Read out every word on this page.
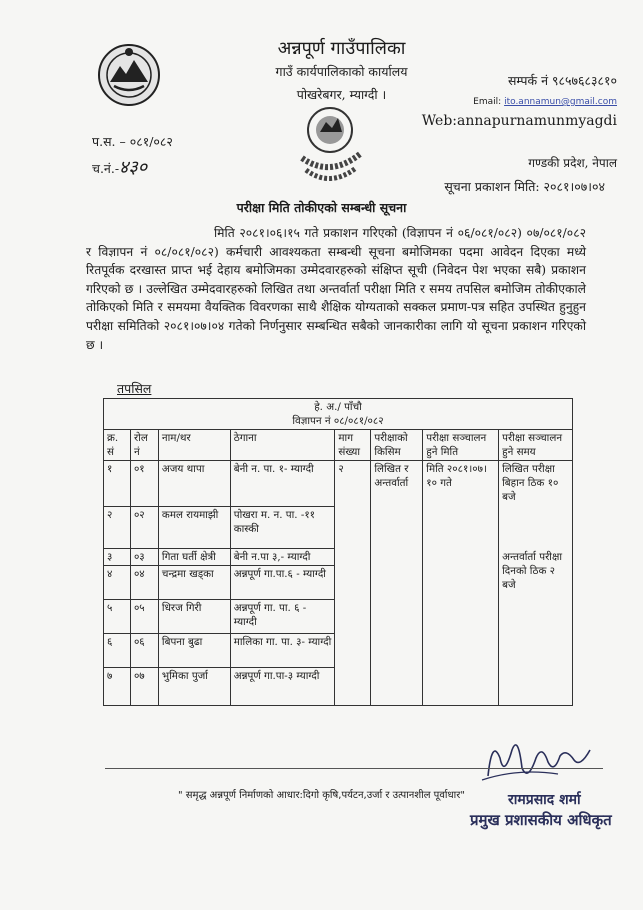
अन्नपूर्ण गाउँपालिका
गाउँ कार्यपालिकाको कार्यालय
पोखरेबगर, म्याग्दी ।
सम्पर्क नं ९८५७६८३८१०
Email: ito.annamun@gmail.com
Web:annapurnamunmyagdi
प.स. – ०८१/०८२
च.नं.-४३०	गण्डकी प्रदेश, नेपाल
सूचना प्रकाशन मिति: २०८१।०७।०४
परीक्षा मिति तोकीएको सम्बन्धी सूचना
मिति २०८१।०६।१५ गते प्रकाशन गरिएको (विज्ञापन नं ०६/०८१/०८२) ०७/०८१/०८२ र विज्ञापन नं ०८/०८१/०८२) कर्मचारी आवश्यकता सम्बन्धी सूचना बमोजिमका पदमा आवेदन दिएका मध्ये रितपूर्वक दरखास्त प्राप्त भई देहाय बमोजिमका उम्मेदवारहरुको संक्षिप्त सूची (निवेदन पेश भएका सबै) प्रकाशन गरिएको छ । उल्लेखित उम्मेदवारहरुको लिखित तथा अन्तर्वार्ता परीक्षा मिति र समय तपसिल बमोजिम तोकीएकाले तोकिएको मिति र समयमा वैयक्तिक विवरणका साथै शैक्षिक योग्यताको सक्कल प्रमाण-पत्र सहित उपस्थित हुनुहुन परीक्षा समितिको २०८१।०७।०४ गतेको निर्णनुसार सम्बन्धित सबैको जानकारीका लागि यो सूचना प्रकाशन गरिएको छ ।
तपसिल
हे. अ./ पाँचौ
विज्ञापन नं ०८/०८१/०८२							

क्र. सं	रोल नं	नाम/थर	ठेगाना	माग संख्या	परीक्षाको किसिम	परीक्षा सञ्चालन हुने मिति	परीक्षा सञ्चालन हुने समय
१	०१	अजय थापा	बेनी न. पा. १- म्याग्दी	२	लिखित र अन्तर्वार्ता	मिति २०८१।०७।१० गते	लिखित परीक्षा बिहान ठिक १० बजे
२	०२	कमल रायमाझी	पोखरा म. न. पा. -११ कास्की				
३	०३	गिता घर्ती क्षेत्री	बेनी न.पा ३,- म्याग्दी				अन्तर्वार्ता परीक्षा दिनको ठिक २ बजे
४	०४	चन्द्रमा खड्का	अन्नपूर्ण गा.पा.६ - म्याग्दी				
५	०५	धिरज गिरी	अन्नपूर्ण गा. पा. ६ - म्याग्दी				
६	०६	बिपना बुढा	मालिका गा. पा. ३- म्याग्दी				
७	०७	भुमिका पुर्जा	अन्नपूर्ण गा.पा-३ म्याग्दी				
" समृद्ध अन्नपूर्ण निर्माणको आधार:दिगो कृषि,पर्यटन,उर्जा र उत्पानशील पूर्वाधार"	रामप्रसाद शर्मा
प्रमुख प्रशासकीय अधिकृत
